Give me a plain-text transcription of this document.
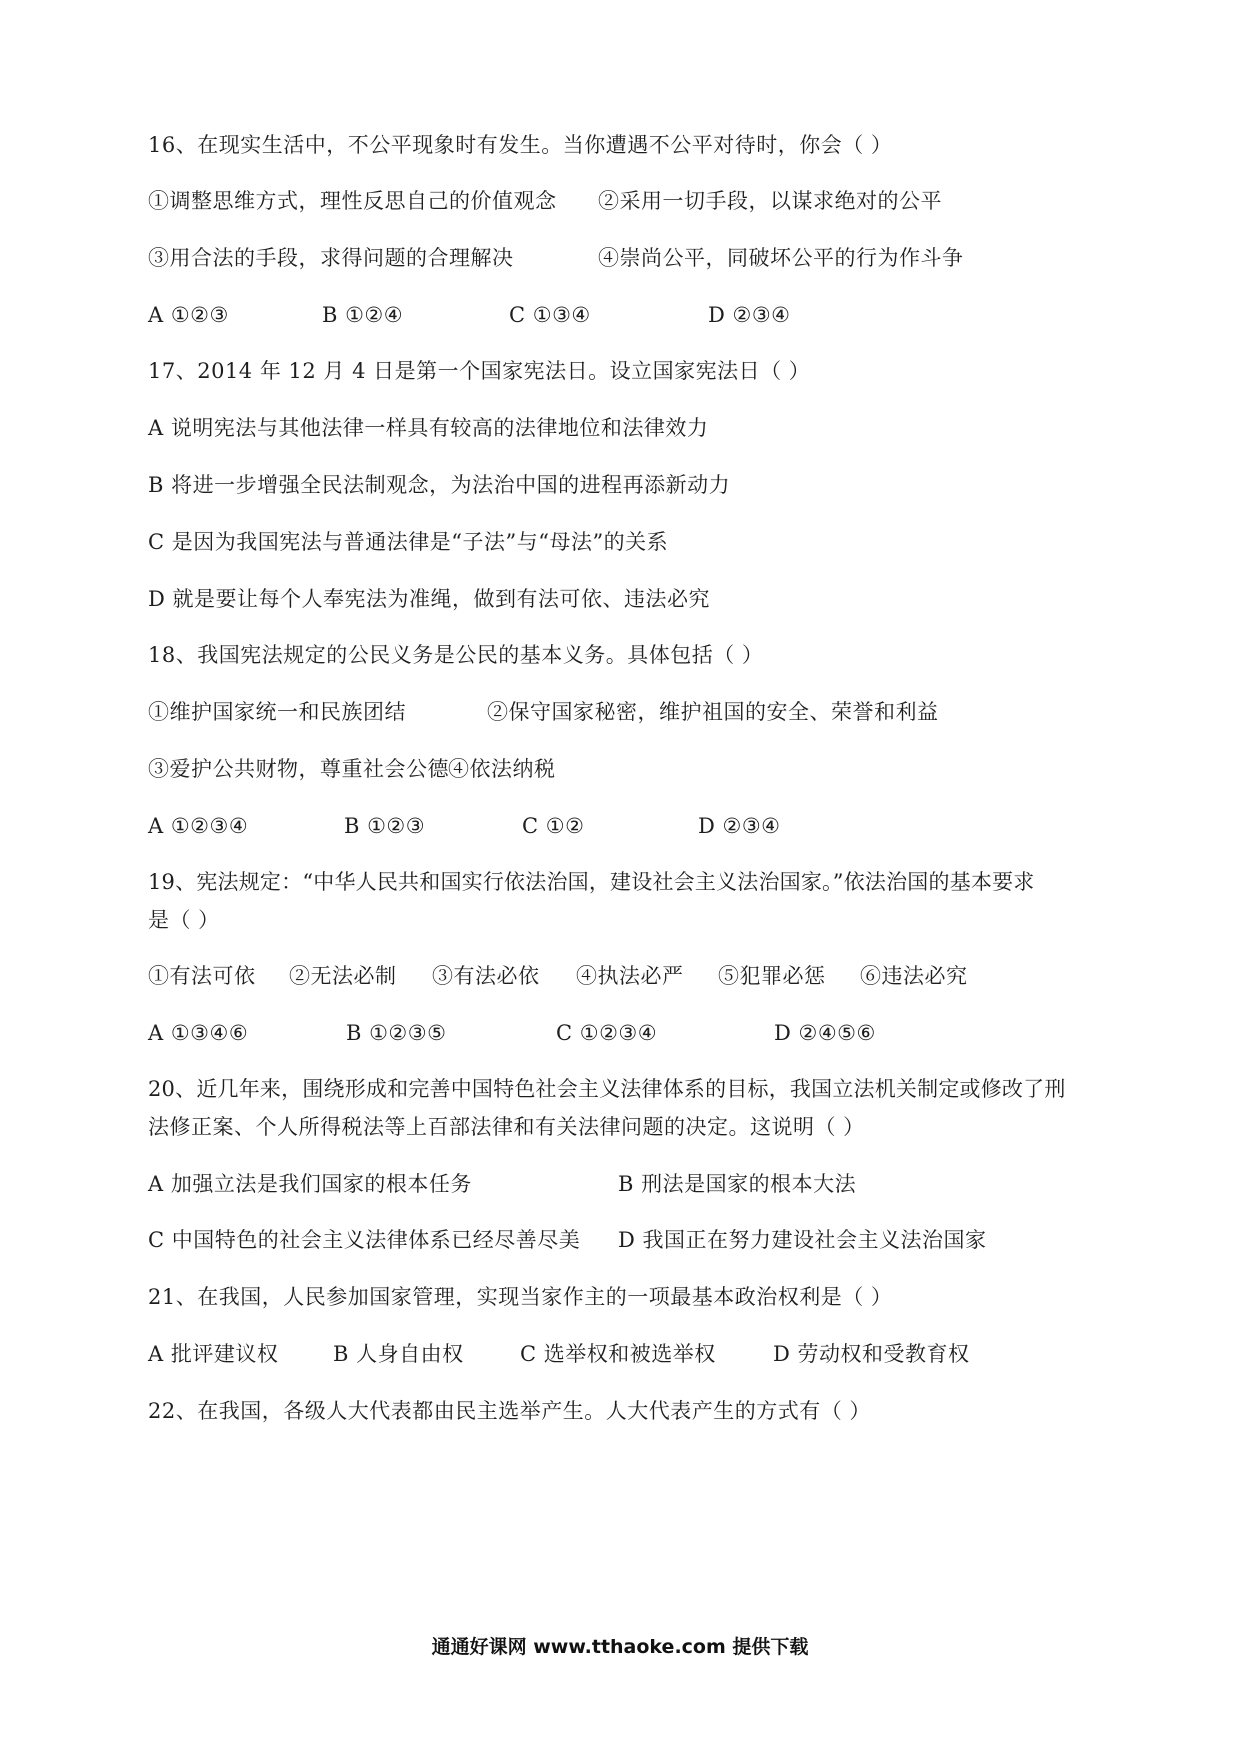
16、在现实生活中，不公平现象时有发生。当你遭遇不公平对待时，你会（ ）
①调整思维方式，理性反思自己的价值观念 ②采用一切手段，以谋求绝对的公平
③用合法的手段，求得问题的合理解决	④崇尚公平，同破坏公平的行为作斗争
A ①②③	B ①②④	C ①③④	D ②③④
17、2014 年 12 月 4 日是第一个国家宪法日。设立国家宪法日（ ）
A 说明宪法与其他法律一样具有较高的法律地位和法律效力
B 将进一步增强全民法制观念，为法治中国的进程再添新动力
C 是因为我国宪法与普通法律是“子法”与“母法”的关系
D 就是要让每个人奉宪法为准绳，做到有法可依、违法必究
18、我国宪法规定的公民义务是公民的基本义务。具体包括（ ）
①维护国家统一和民族团结	②保守国家秘密，维护祖国的安全、荣誉和利益
③爱护公共财物，尊重社会公德 ④依法纳税
A ①②③④	B ①②③	C ①②	D ②③④
19、宪法规定：“中华人民共和国实行依法治国，建设社会主义法治国家。”依法治国的基本要求
是（ ）
①有法可依 ②无法必制 ③有法必依 ④执法必严 ⑤犯罪必惩 ⑥违法必究
A ①③④⑥	B ①②③⑤	C ①②③④	D ②④⑤⑥
20、近几年来，围绕形成和完善中国特色社会主义法律体系的目标，我国立法机关制定或修改了刑
法修正案、个人所得税法等上百部法律和有关法律问题的决定。这说明（ ）
A 加强立法是我们国家的根本任务	B 刑法是国家的根本大法
C 中国特色的社会主义法律体系已经尽善尽美 D 我国正在努力建设社会主义法治国家
21、在我国，人民参加国家管理，实现当家作主的一项最基本政治权利是（ ）
A 批评建议权	B 人身自由权	C 选举权和被选举权	D 劳动权和受教育权
22、在我国，各级人大代表都由民主选举产生。人大代表产生的方式有（ ）
通通好课网 www.tthaoke.com 提供下载
